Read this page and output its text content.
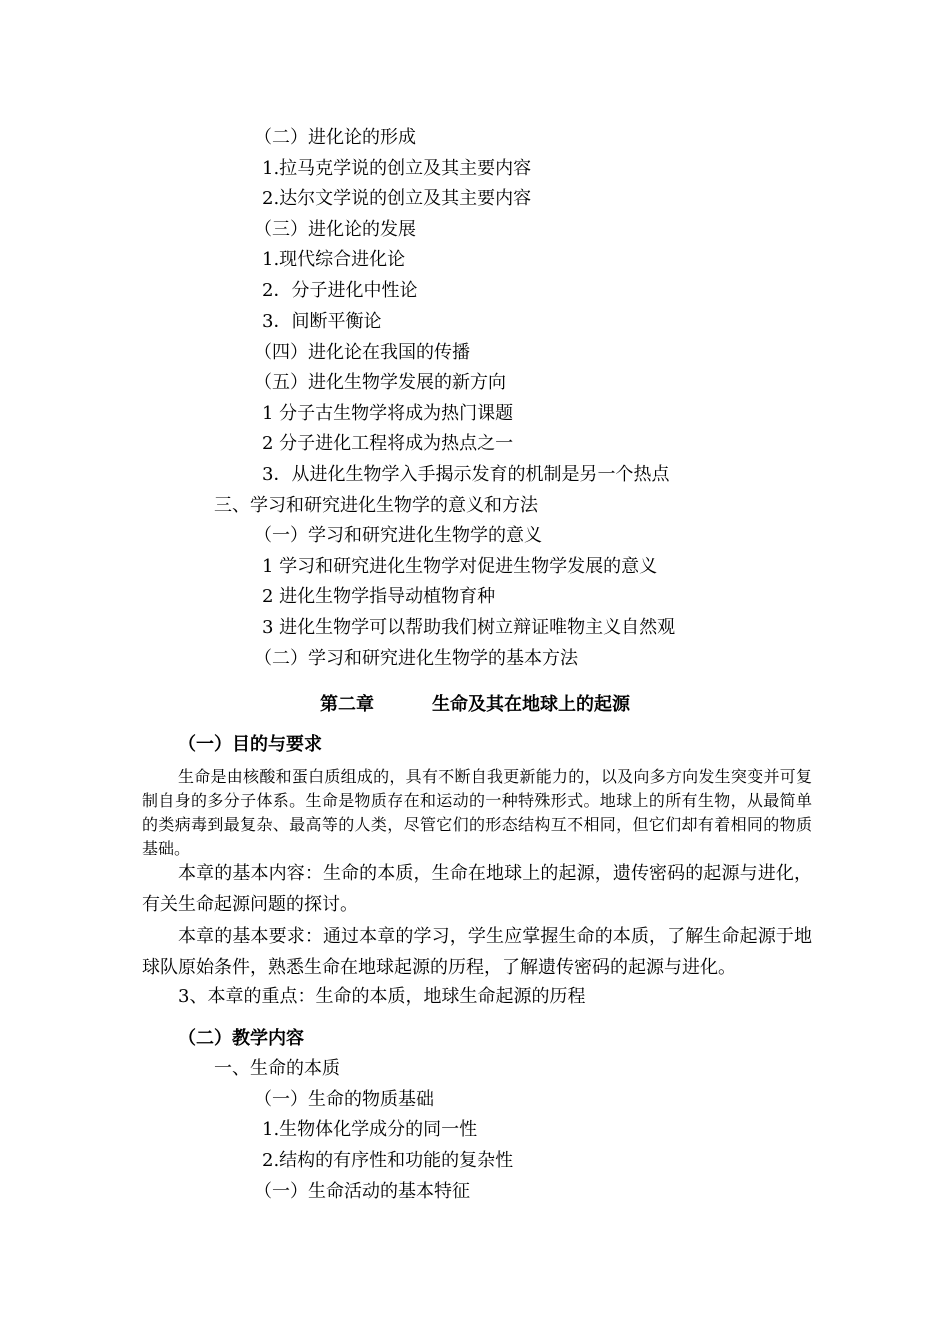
（二）进化论的形成
1.拉马克学说的创立及其主要内容
2.达尔文学说的创立及其主要内容
（三）进化论的发展
1.现代综合进化论
2．分子进化中性论
3．间断平衡论
（四）进化论在我国的传播
（五）进化生物学发展的新方向
1 分子古生物学将成为热门课题
2 分子进化工程将成为热点之一
3．从进化生物学入手揭示发育的机制是另一个热点
三、学习和研究进化生物学的意义和方法
（一）学习和研究进化生物学的意义
1 学习和研究进化生物学对促进生物学发展的意义
2 进化生物学指导动植物育种
3 进化生物学可以帮助我们树立辩证唯物主义自然观
（二）学习和研究进化生物学的基本方法
第二章	生命及其在地球上的起源
（一）目的与要求
生命是由核酸和蛋白质组成的，具有不断自我更新能力的，以及向多方向发生突变并可复制自身的多分子体系。生命是物质存在和运动的一种特殊形式。地球上的所有生物，从最简单的类病毒到最复杂、最高等的人类，尽管它们的形态结构互不相同，但它们却有着相同的物质基础。
本章的基本内容：生命的本质，生命在地球上的起源，遗传密码的起源与进化，有关生命起源问题的探讨。
本章的基本要求：通过本章的学习，学生应掌握生命的本质，了解生命起源于地球队原始条件，熟悉生命在地球起源的历程，了解遗传密码的起源与进化。
3、本章的重点：生命的本质，地球生命起源的历程
（二）教学内容
一、生命的本质
（一）生命的物质基础
1.生物体化学成分的同一性
2.结构的有序性和功能的复杂性
（一）生命活动的基本特征
